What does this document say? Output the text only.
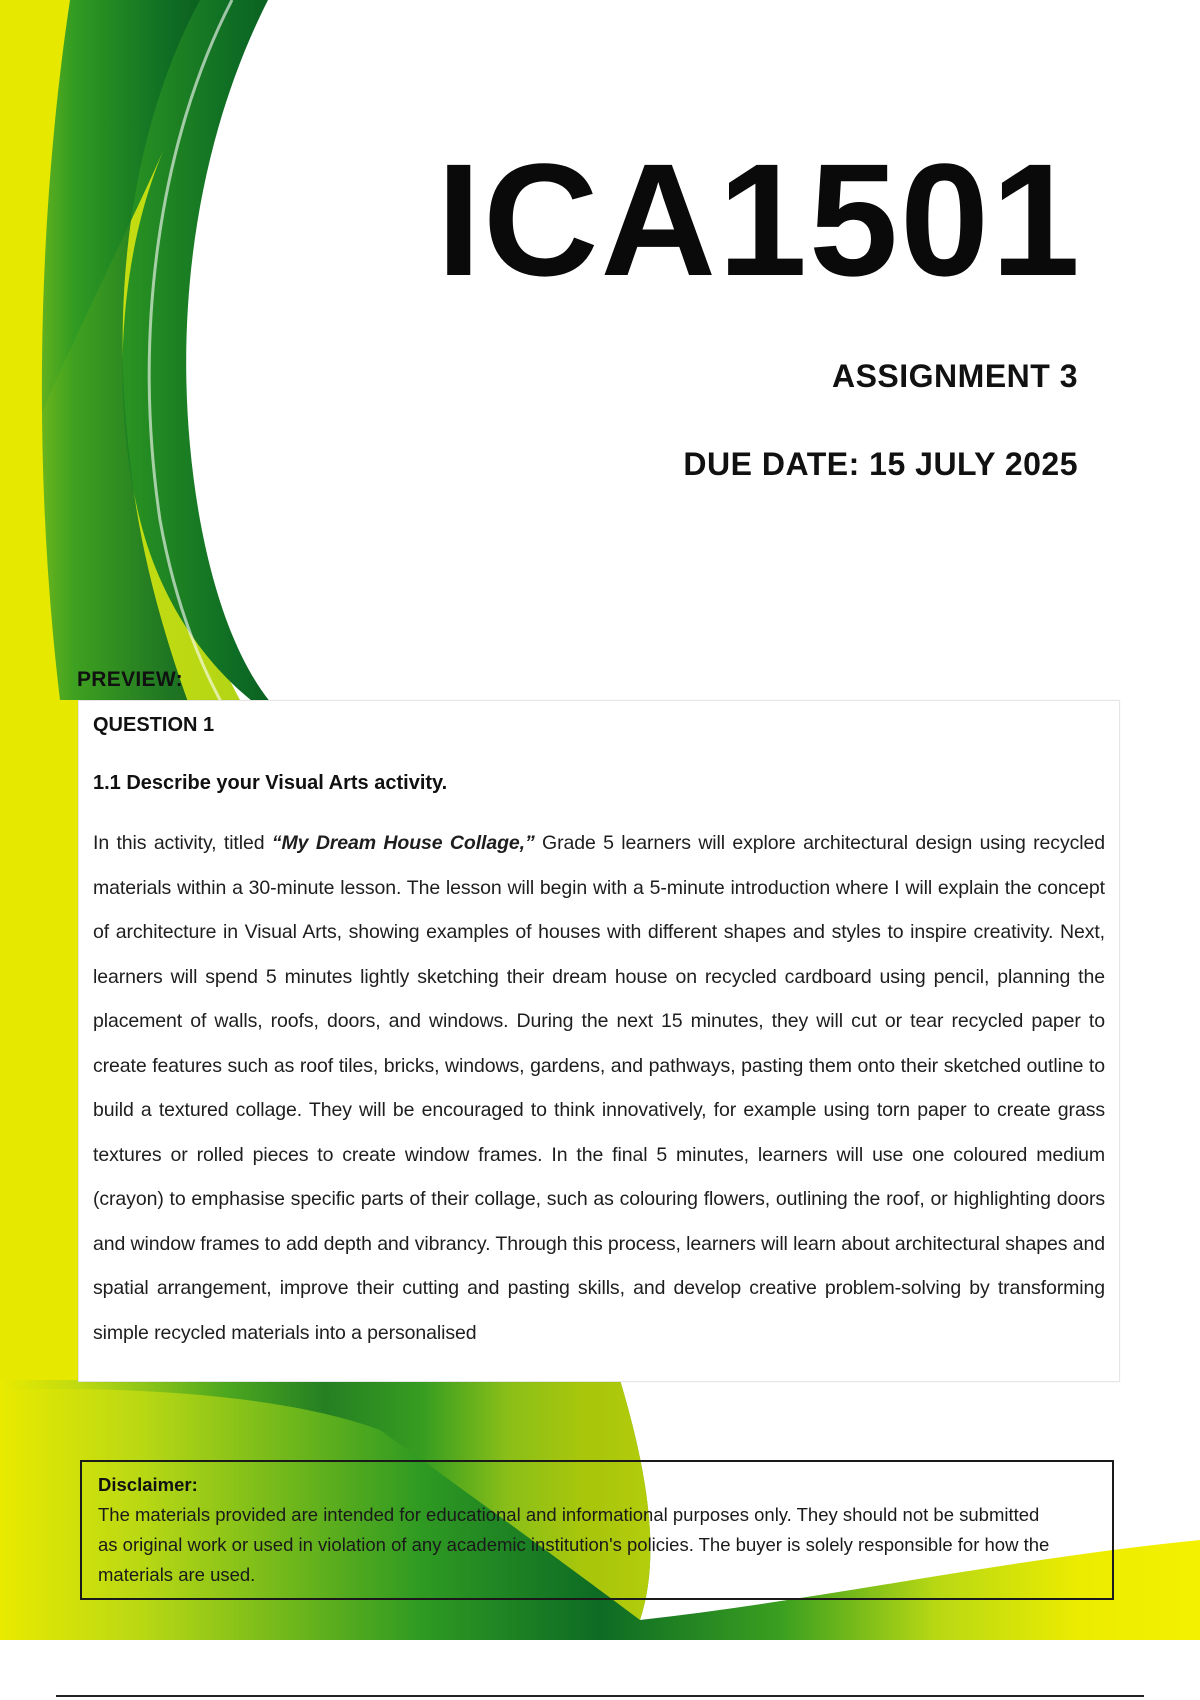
ICA1501
ASSIGNMENT 3
DUE DATE: 15 JULY 2025
PREVIEW:

QUESTION 1

1.1 Describe your Visual Arts activity.

In this activity, titled “My Dream House Collage,” Grade 5 learners will explore architectural design using recycled materials within a 30-minute lesson. The lesson will begin with a 5-minute introduction where I will explain the concept of architecture in Visual Arts, showing examples of houses with different shapes and styles to inspire creativity. Next, learners will spend 5 minutes lightly sketching their dream house on recycled cardboard using pencil, planning the placement of walls, roofs, doors, and windows. During the next 15 minutes, they will cut or tear recycled paper to create features such as roof tiles, bricks, windows, gardens, and pathways, pasting them onto their sketched outline to build a textured collage. They will be encouraged to think innovatively, for example using torn paper to create grass textures or rolled pieces to create window frames. In the final 5 minutes, learners will use one coloured medium (crayon) to emphasise specific parts of their collage, such as colouring flowers, outlining the roof, or highlighting doors and window frames to add depth and vibrancy. Through this process, learners will learn about architectural shapes and spatial arrangement, improve their cutting and pasting skills, and develop creative problem-solving by transforming simple recycled materials into a personalised

Disclaimer:

The materials provided are intended for educational and informational purposes only. They should not be submitted as original work or used in violation of any academic institution's policies. The buyer is solely responsible for how the materials are used.
